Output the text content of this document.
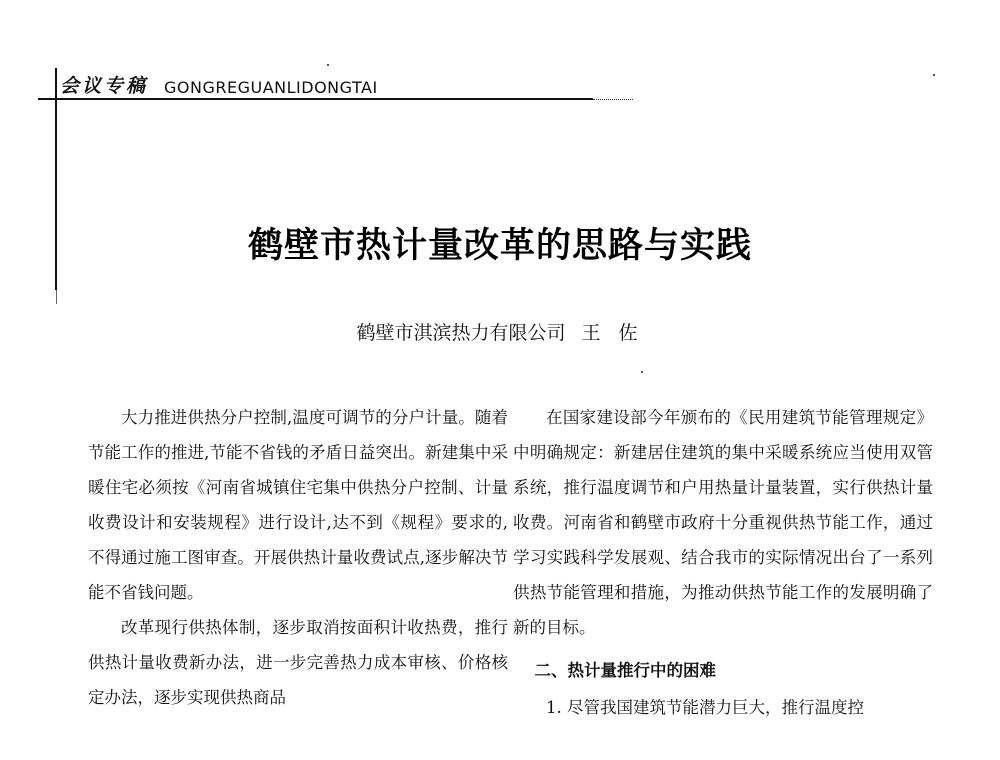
会议专稿 GONGREGUANLIDONGTAI
鹤壁市热计量改革的思路与实践
鹤壁市淇滨热力有限公司 王 佐

大力推进供热分户控制,温度可调节的分户计量。随着节能工作的推进,节能不省钱的矛盾日益突出。新建集中采暖住宅必须按《河南省城镇住宅集中供热分户控制、计量收费设计和安装规程》进行设计,达不到《规程》要求的,不得通过施工图审查。开展供热计量收费试点,逐步解决节能不省钱问题。

改革现行供热体制，逐步取消按面积计收热费，推行供热计量收费新办法，进一步完善热力成本审核、价格核定办法，逐步实现供热商品

在国家建设部今年颁布的《民用建筑节能管理规定》中明确规定：新建居住建筑的集中采暖系统应当使用双管系统，推行温度调节和户用热量计量装置，实行供热计量收费。河南省和鹤壁市政府十分重视供热节能工作，通过学习实践科学发展观、结合我市的实际情况出台了一系列供热节能管理和措施，为推动供热节能工作的发展明确了新的目标。

二、热计量推行中的困难

1. 尽管我国建筑节能潜力巨大，推行温度控
